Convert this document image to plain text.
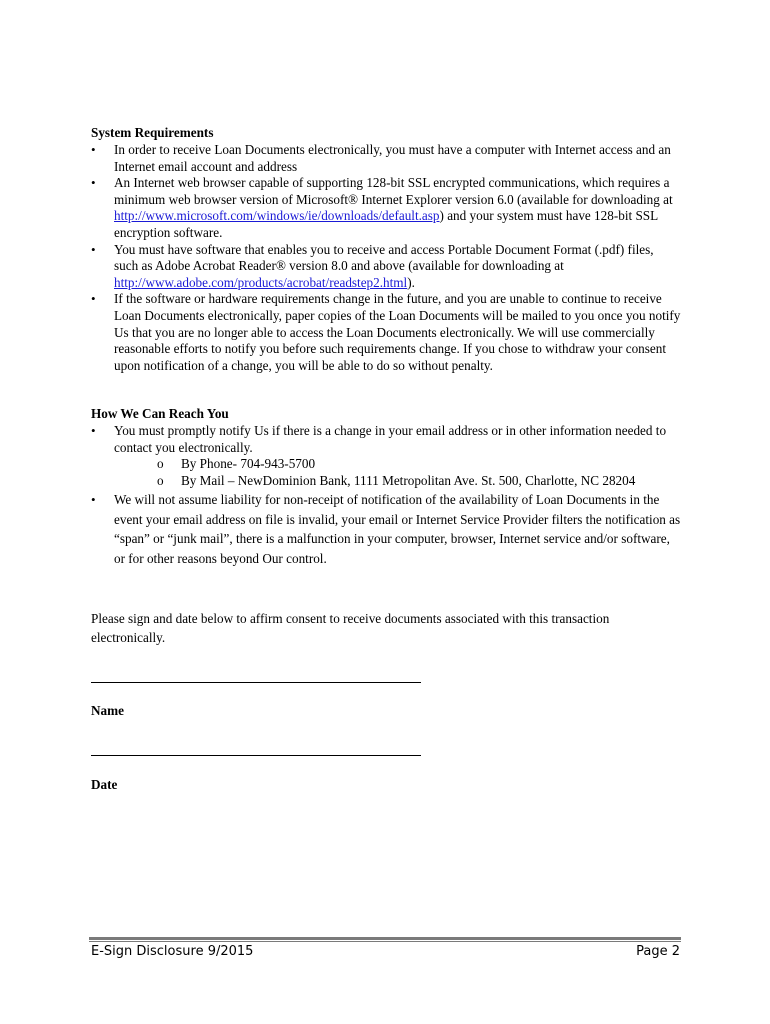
System Requirements

• In order to receive Loan Documents electronically, you must have a computer with Internet access and an Internet email account and address
• An Internet web browser capable of supporting 128-bit SSL encrypted communications, which requires a minimum web browser version of Microsoft® Internet Explorer version 6.0 (available for downloading at http://www.microsoft.com/windows/ie/downloads/default.asp) and your system must have 128-bit SSL encryption software.
• You must have software that enables you to receive and access Portable Document Format (.pdf) files, such as Adobe Acrobat Reader® version 8.0 and above (available for downloading at http://www.adobe.com/products/acrobat/readstep2.html).
• If the software or hardware requirements change in the future, and you are unable to continue to receive Loan Documents electronically, paper copies of the Loan Documents will be mailed to you once you notify Us that you are no longer able to access the Loan Documents electronically. We will use commercially reasonable efforts to notify you before such requirements change. If you chose to withdraw your consent upon notification of a change, you will be able to do so without penalty.

How We Can Reach You

• You must promptly notify Us if there is a change in your email address or in other information needed to contact you electronically.
o By Phone- 704-943-5700
o By Mail – NewDominion Bank, 1111 Metropolitan Ave. St. 500, Charlotte, NC 28204
• We will not assume liability for non-receipt of notification of the availability of Loan Documents in the event your email address on file is invalid, your email or Internet Service Provider filters the notification as “span” or “junk mail”, there is a malfunction in your computer, browser, Internet service and/or software, or for other reasons beyond Our control.

Please sign and date below to affirm consent to receive documents associated with this transaction electronically.

Name

Date

E-Sign Disclosure 9/2015	Page 2
